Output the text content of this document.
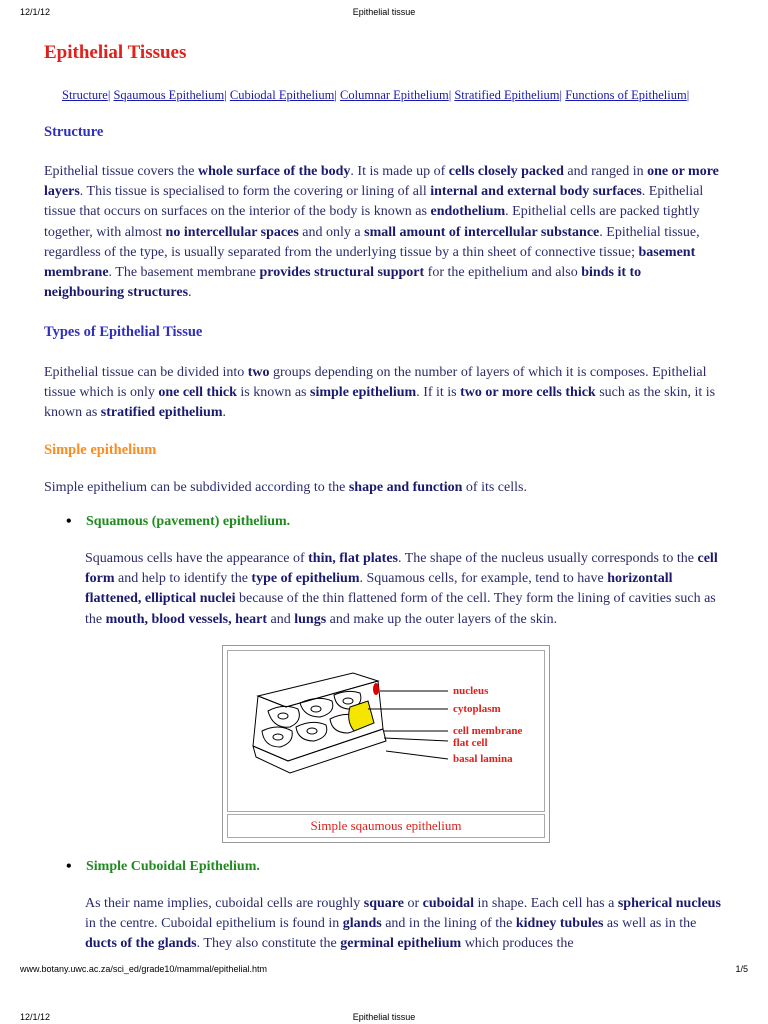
12/1/12	Epithelial tissue
Epithelial Tissues
Structure| Sqaumous Epithelium| Cubiodal Epithelium| Columnar Epithelium| Stratified Epithelium| Functions of Epithelium|
Structure

Epithelial tissue covers the whole surface of the body. It is made up of cells closely packed and ranged in one or more layers. This tissue is specialised to form the covering or lining of all internal and external body surfaces. Epithelial tissue that occurs on surfaces on the interior of the body is known as endothelium. Epithelial cells are packed tightly together, with almost no intercellular spaces and only a small amount of intercellular substance. Epithelial tissue, regardless of the type, is usually separated from the underlying tissue by a thin sheet of connective tissue; basement membrane. The basement membrane provides structural support for the epithelium and also binds it to neighbouring structures.

Types of Epithelial Tissue

Epithelial tissue can be divided into two groups depending on the number of layers of which it is composes. Epithelial tissue which is only one cell thick is known as simple epithelium. If it is two or more cells thick such as the skin, it is known as stratified epithelium.

Simple epithelium

Simple epithelium can be subdivided according to the shape and function of its cells.

• Squamous (pavement) epithelium.

Squamous cells have the appearance of thin, flat plates. The shape of the nucleus usually corresponds to the cell form and help to identify the type of epithelium. Squamous cells, for example, tend to have horizontall flattened, elliptical nuclei because of the thin flattened form of the cell. They form the lining of cavities such as the mouth, blood vessels, heart and lungs and make up the outer layers of the skin.

nucleus
cytoplasm
cell membrane
flat cell
basal lamina
Simple sqaumous epithelium
• Simple Cuboidal Epithelium.

As their name implies, cuboidal cells are roughly square or cuboidal in shape. Each cell has a spherical nucleus in the centre. Cuboidal epithelium is found in glands and in the lining of the kidney tubules as well as in the ducts of the glands. They also constitute the germinal epithelium which produces the

www.botany.uwc.ac.za/sci_ed/grade10/mammal/epithelial.htm	1/5
12/1/12	Epithelial tissue
